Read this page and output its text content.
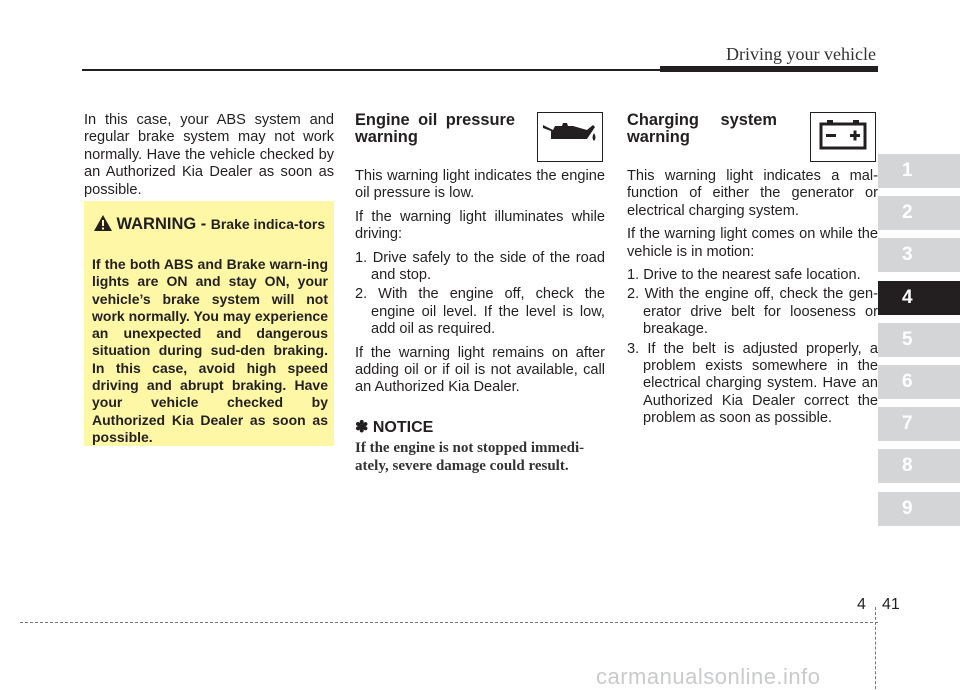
Driving your vehicle

In this case, your ABS system and regular brake system may not work normally. Have the vehicle checked by an Authorized Kia Dealer as soon as possible.

WARNING - Brake indica-tors
If the both ABS and Brake warn-ing lights are ON and stay ON, your vehicle’s brake system will not work normally. You may experience an unexpected and dangerous situation during sud-den braking. In this case, avoid high speed driving and abrupt braking. Have your vehicle checked by Authorized Kia Dealer as soon as possible.

Engine oil pressure warning

This warning light indicates the engine oil pressure is low.

If the warning light illuminates while driving:

1. Drive safely to the side of the road and stop.
2. With the engine off, check the engine oil level. If the level is low, add oil as required.

If the warning light remains on after adding oil or if oil is not available, call an Authorized Kia Dealer.

✽ NOTICE
If the engine is not stopped immedi-ately, severe damage could result.

Charging system warning

This warning light indicates a mal-function of either the generator or electrical charging system.

If the warning light comes on while the vehicle is in motion:

1. Drive to the nearest safe location.
2. With the engine off, check the gen-erator drive belt for looseness or breakage.
3. If the belt is adjusted properly, a problem exists somewhere in the electrical charging system. Have an Authorized Kia Dealer correct the problem as soon as possible.
1
2
3
4
5
6
7
8
9
4 41
carmanualsonline.info
